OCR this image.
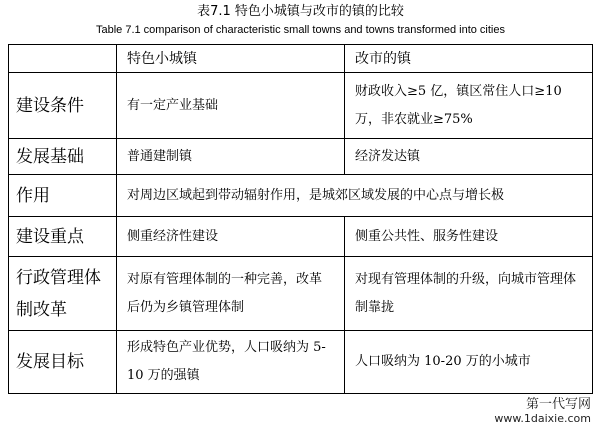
表7.1 特色小城镇与改市的镇的比较
Table 7.1 comparison of characteristic small towns and towns transformed into cities
	特色小城镇	改市的镇
建设条件	有一定产业基础	财政收入≥5 亿，镇区常住人口≥10 万，非农就业≥75%
发展基础	普通建制镇	经济发达镇
作用	对周边区域起到带动辐射作用，是城郊区域发展的中心点与增长极	
建设重点	侧重经济性建设	侧重公共性、服务性建设
行政管理体制改革	对原有管理体制的一种完善，改革后仍为乡镇管理体制	对现有管理体制的升级，向城市管理体制靠拢
发展目标	形成特色产业优势，人口吸纳为 5-10 万的强镇	人口吸纳为 10-20 万的小城市
第一代写网
www.1daixie.com
